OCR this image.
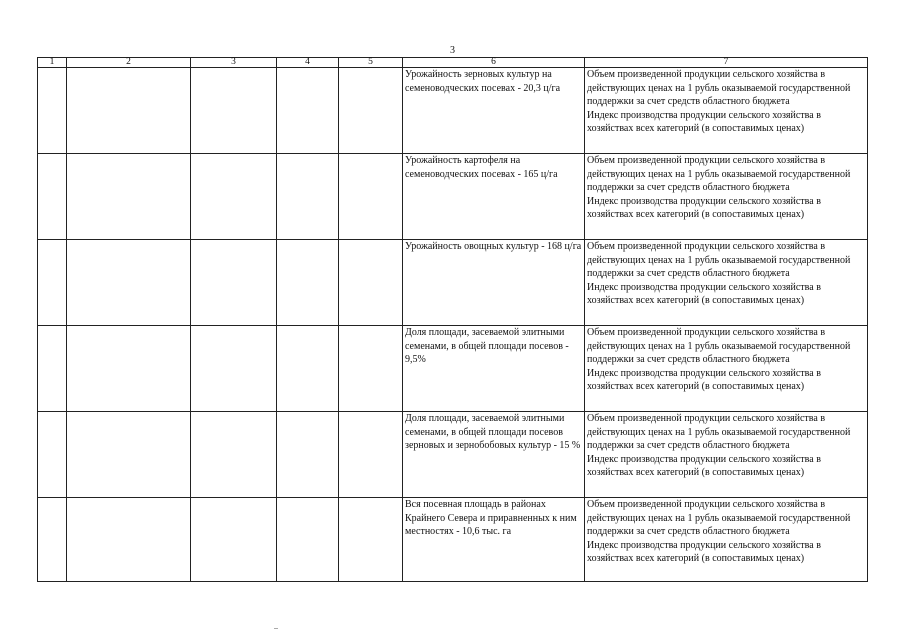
3
1	2	3	4	5	6	7
					Урожайность зерновых культур на семеноводческих посевах - 20,3 ц/га	Объем произведенной продукции сельского хозяйства в действующих ценах на 1 рубль оказываемой государственной поддержки за счет средств областного бюджета
Индекс производства продукции сельского хозяйства в хозяйствах всех категорий (в сопоставимых ценах)
					Урожайность картофеля на семеноводческих посевах - 165 ц/га	Объем произведенной продукции сельского хозяйства в действующих ценах на 1 рубль оказываемой государственной поддержки за счет средств областного бюджета
Индекс производства продукции сельского хозяйства в хозяйствах всех категорий (в сопоставимых ценах)
					Урожайность овощных культур - 168 ц/га	Объем произведенной продукции сельского хозяйства в действующих ценах на 1 рубль оказываемой государственной поддержки за счет средств областного бюджета
Индекс производства продукции сельского хозяйства в хозяйствах всех категорий (в сопоставимых ценах)
					Доля площади, засеваемой элитными семенами, в общей площади посевов - 9,5%	Объем произведенной продукции сельского хозяйства в действующих ценах на 1 рубль оказываемой государственной поддержки за счет средств областного бюджета
Индекс производства продукции сельского хозяйства в хозяйствах всех категорий (в сопоставимых ценах)
					Доля площади, засеваемой элитными семенами, в общей площади посевов зерновых и зернобобовых культур - 15 %	Объем произведенной продукции сельского хозяйства в действующих ценах на 1 рубль оказываемой государственной поддержки за счет средств областного бюджета
Индекс производства продукции сельского хозяйства в хозяйствах всех категорий (в сопоставимых ценах)
					Вся посевная площадь в районах Крайнего Севера и приравненных к ним местностях - 10,6 тыс. га	Объем произведенной продукции сельского хозяйства в действующих ценах на 1 рубль оказываемой государственной поддержки за счет средств областного бюджета
Индекс производства продукции сельского хозяйства в хозяйствах всех категорий (в сопоставимых ценах)
